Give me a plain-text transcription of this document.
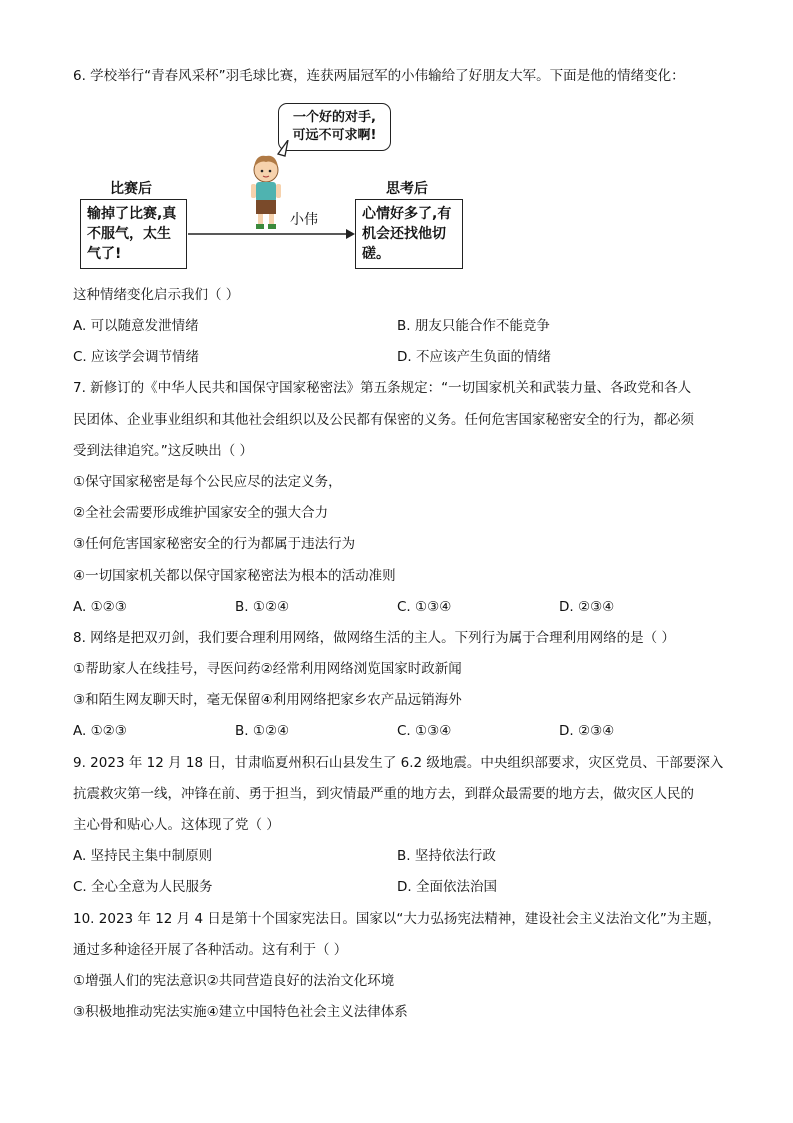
6. 学校举行“青春风采杯”羽毛球比赛，连获两届冠军的小伟输给了好朋友大军。下面是他的情绪变化：
一个好的对手,
可远不可求啊!
比赛后
输掉了比赛,真
不服气，太生
气了!
小伟
思考后
心情好多了,有
机会还找他切
磋。
这种情绪变化启示我们（ ）
A. 可以随意发泄情绪	B. 朋友只能合作不能竞争
C. 应该学会调节情绪	D. 不应该产生负面的情绪
7. 新修订的《中华人民共和国保守国家秘密法》第五条规定：“一切国家机关和武装力量、各政党和各人
民团体、企业事业组织和其他社会组织以及公民都有保密的义务。任何危害国家秘密安全的行为，都必须
受到法律追究。”这反映出（ ）
①保守国家秘密是每个公民应尽的法定义务，
②全社会需要形成维护国家安全的强大合力
③任何危害国家秘密安全的行为都属于违法行为
④一切国家机关都以保守国家秘密法为根本的活动准则
A. ①②③	B. ①②④	C. ①③④	D. ②③④
8. 网络是把双刃剑，我们要合理利用网络，做网络生活的主人。下列行为属于合理利用网络的是（ ）
①帮助家人在线挂号，寻医问药②经常利用网络浏览国家时政新闻
③和陌生网友聊天时，毫无保留④利用网络把家乡农产品远销海外
A. ①②③	B. ①②④	C. ①③④	D. ②③④
9. 2023 年 12 月 18 日，甘肃临夏州积石山县发生了 6.2 级地震。中央组织部要求，灾区党员、干部要深入
抗震救灾第一线，冲锋在前、勇于担当，到灾情最严重的地方去，到群众最需要的地方去，做灾区人民的
主心骨和贴心人。这体现了党（ ）
A. 坚持民主集中制原则	B. 坚持依法行政
C. 全心全意为人民服务	D. 全面依法治国
10. 2023 年 12 月 4 日是第十个国家宪法日。国家以“大力弘扬宪法精神，建设社会主义法治文化”为主题，
通过多种途径开展了各种活动。这有利于（ ）
①增强人们的宪法意识②共同营造良好的法治文化环境
③积极地推动宪法实施④建立中国特色社会主义法律体系
